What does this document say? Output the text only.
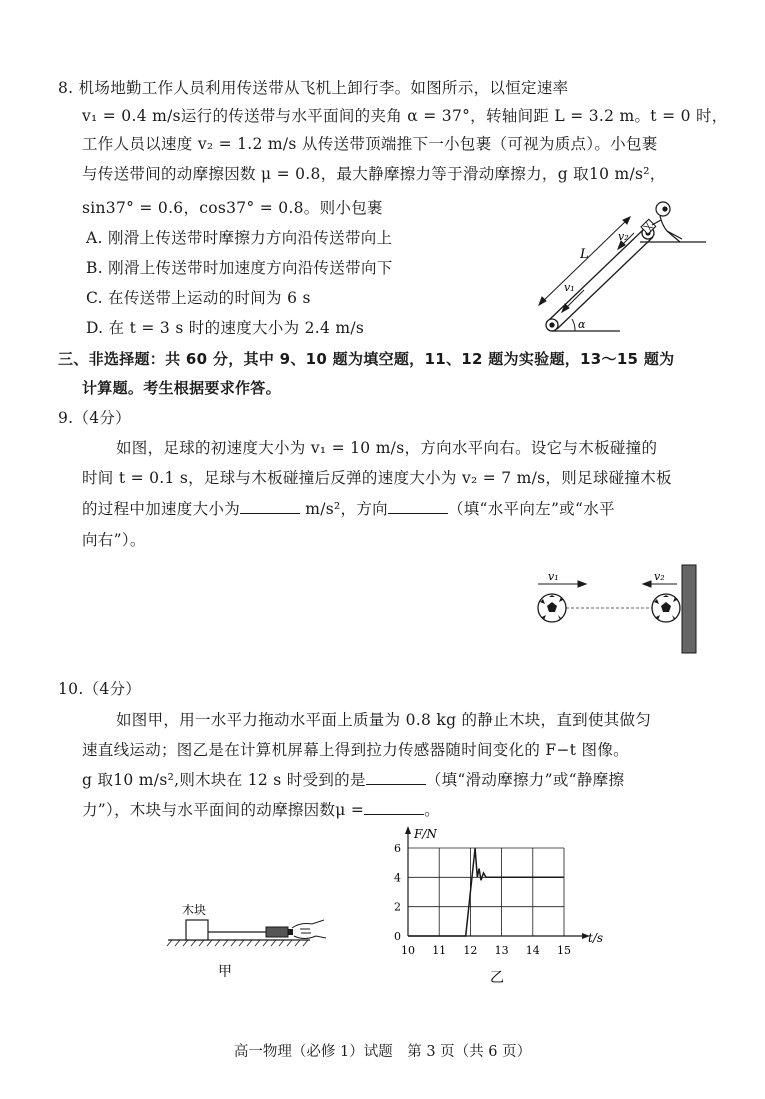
8. 机场地勤工作人员利用传送带从飞机上卸行李。如图所示，以恒定速率
v₁ = 0.4 m/s运行的传送带与水平面间的夹角 α = 37°，转轴间距 L = 3.2 m。t = 0 时，
工作人员以速度 v₂ = 1.2 m/s 从传送带顶端推下一小包裹（可视为质点）。小包裹
与传送带间的动摩擦因数 μ = 0.8，最大静摩擦力等于滑动摩擦力，g 取10 m/s²，
sin37° = 0.6，cos37° = 0.8。则小包裹
A. 刚滑上传送带时摩擦力方向沿传送带向上
B. 刚滑上传送带时加速度方向沿传送带向下
C. 在传送带上运动的时间为 6 s
D. 在 t = 3 s 时的速度大小为 2.4 m/s	α
L
v₁
v₂
三、非选择题：共 60 分，其中 9、10 题为填空题，11、12 题为实验题，13～15 题为
计算题。考生根据要求作答。
9.（4分）
如图，足球的初速度大小为 v₁ = 10 m/s，方向水平向右。设它与木板碰撞的
时间 t = 0.1 s，足球与木板碰撞后反弹的速度大小为 v₂ = 7 m/s，则足球碰撞木板
的过程中加速度大小为	m/s²，方向	（填“水平向左”或“水平
向右”）。
v₁	v₂
10.（4分）
如图甲，用一水平力拖动水平面上质量为 0.8 kg 的静止木块，直到使其做匀
速直线运动；图乙是在计算机屏幕上得到拉力传感器随时间变化的 F−t 图像。
g 取10 m/s²,则木块在 12 s 时受到的是	（填“滑动摩擦力”或“静摩擦
力”），木块与水平面间的动摩擦因数μ =	。
木块
甲
t/s
F/N
10 11 12 13 14 15
0
2
4
6
乙
高一物理（必修 1）试题　第 3 页（共 6 页）
